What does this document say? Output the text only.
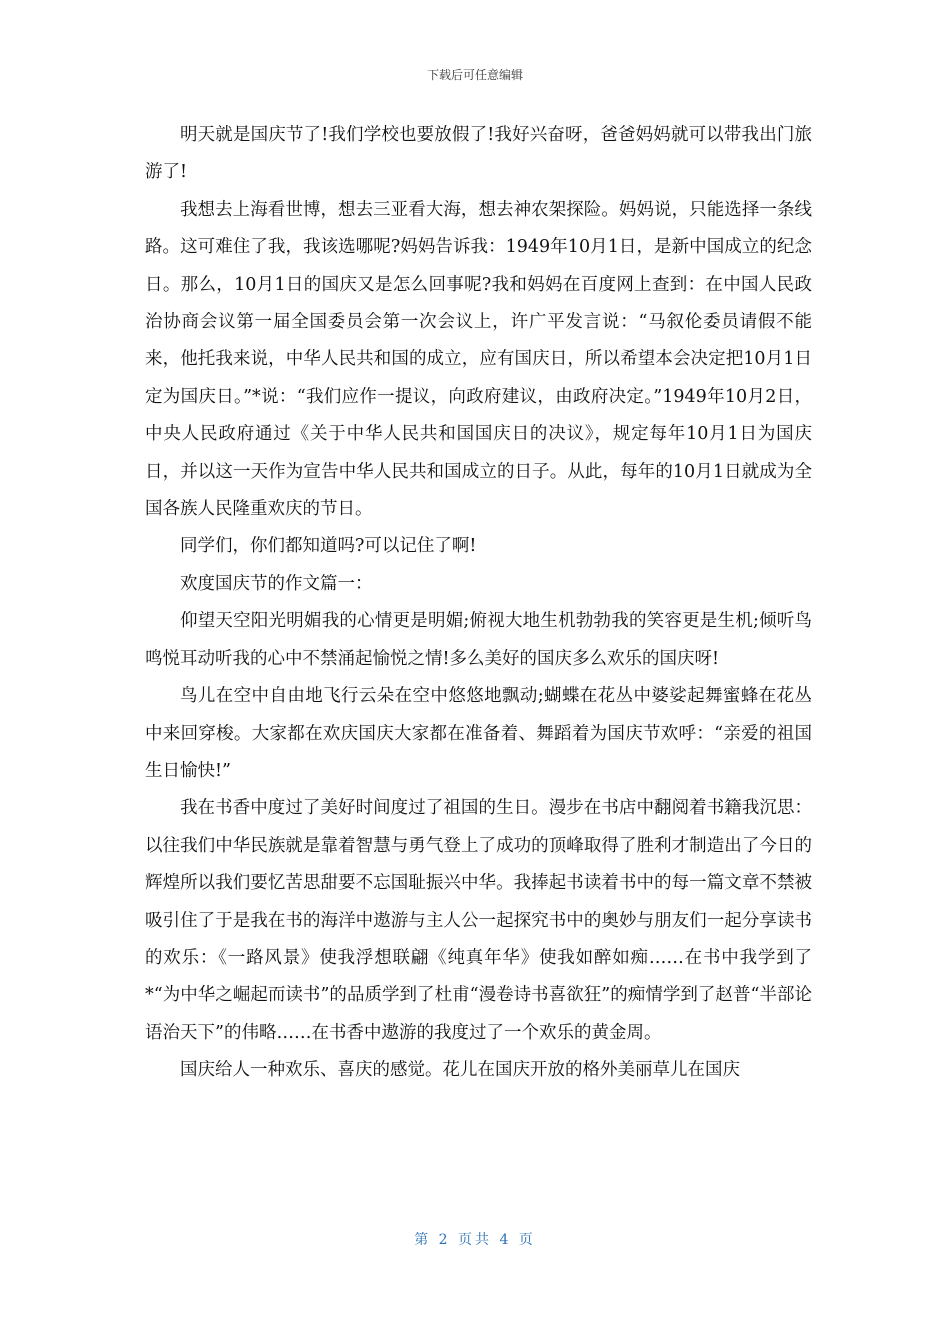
下载后可任意编辑

明天就是国庆节了!我们学校也要放假了!我好兴奋呀，爸爸妈妈就可以带我出门旅游了!

我想去上海看世博，想去三亚看大海，想去神农架探险。妈妈说，只能选择一条线路。这可难住了我，我该选哪呢?妈妈告诉我：1949年10月1日，是新中国成立的纪念日。那么，10月1日的国庆又是怎么回事呢?我和妈妈在百度网上查到：在中国人民政治协商会议第一届全国委员会第一次会议上，许广平发言说：“马叙伦委员请假不能来，他托我来说，中华人民共和国的成立，应有国庆日，所以希望本会决定把10月1日定为国庆日。”*说：“我们应作一提议，向政府建议，由政府决定。”1949年10月2日，中央人民政府通过《关于中华人民共和国国庆日的决议》，规定每年10月1日为国庆日，并以这一天作为宣告中华人民共和国成立的日子。从此，每年的10月1日就成为全国各族人民隆重欢庆的节日。

同学们，你们都知道吗?可以记住了啊!

欢度国庆节的作文篇一：

仰望天空阳光明媚我的心情更是明媚;俯视大地生机勃勃我的笑容更是生机;倾听鸟鸣悦耳动听我的心中不禁涌起愉悦之情!多么美好的国庆多么欢乐的国庆呀!

鸟儿在空中自由地飞行云朵在空中悠悠地飘动;蝴蝶在花丛中婆娑起舞蜜蜂在花丛中来回穿梭。大家都在欢庆国庆大家都在准备着、舞蹈着为国庆节欢呼：“亲爱的祖国生日愉快!”

我在书香中度过了美好时间度过了祖国的生日。漫步在书店中翻阅着书籍我沉思：以往我们中华民族就是靠着智慧与勇气登上了成功的顶峰取得了胜利才制造出了今日的辉煌所以我们要忆苦思甜要不忘国耻振兴中华。我捧起书读着书中的每一篇文章不禁被吸引住了于是我在书的海洋中遨游与主人公一起探究书中的奥妙与朋友们一起分享读书的欢乐：《一路风景》使我浮想联翩《纯真年华》使我如醉如痴……在书中我学到了*“为中华之崛起而读书”的品质学到了杜甫“漫卷诗书喜欲狂”的痴情学到了赵普“半部论语治天下”的伟略……在书香中遨游的我度过了一个欢乐的黄金周。

国庆给人一种欢乐、喜庆的感觉。花儿在国庆开放的格外美丽草儿在国庆

第 2 页共 4 页
